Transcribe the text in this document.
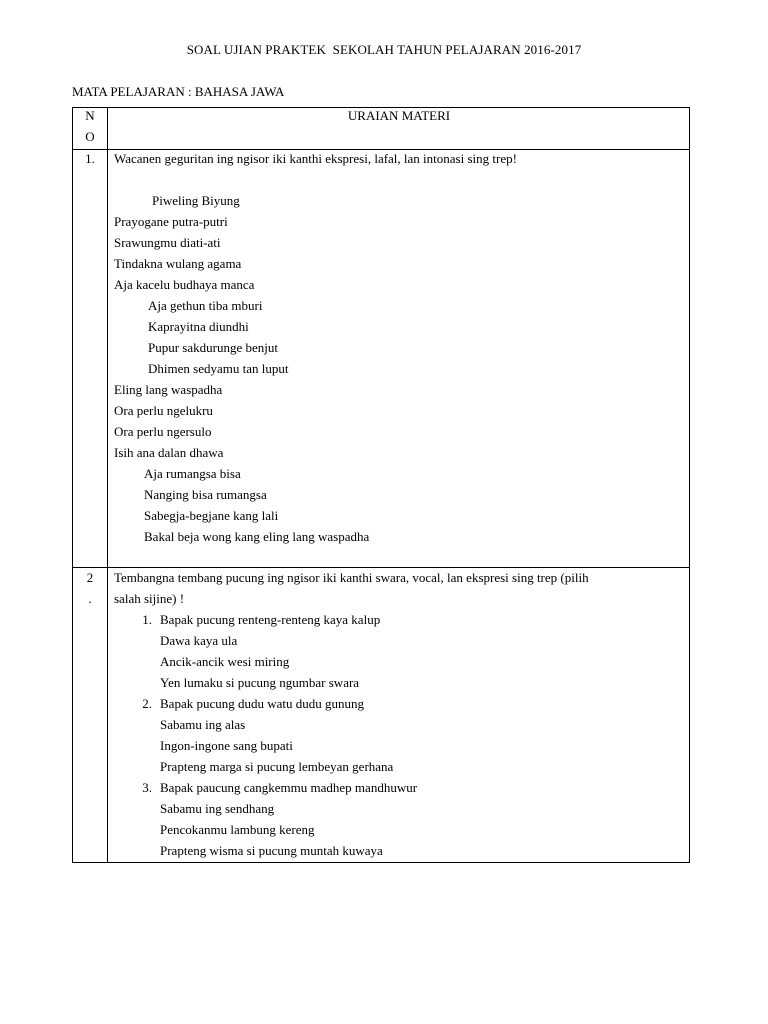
SOAL UJIAN PRAKTEK  SEKOLAH TAHUN PELAJARAN 2016-2017
MATA PELAJARAN : BAHASA JAWA
N
O
URAIAN MATERI
1.	Wacanen geguritan ing ngisor iki kanthi ekspresi, lafal, lan intonasi sing trep!
Piweling Biyung
Prayogane putra-putri
Srawungmu diati-ati
Tindakna wulang agama
Aja kacelu budhaya manca
Aja gethun tiba mburi
Kaprayitna diundhi
Pupur sakdurunge benjut
Dhimen sedyamu tan luput
Eling lang waspadha
Ora perlu ngelukru
Ora perlu ngersulo
Isih ana dalan dhawa
Aja rumangsa bisa
Nanging bisa rumangsa
Sabegja-begjane kang lali
Bakal beja wong kang eling lang waspadha
2
.
Tembangna tembang pucung ing ngisor iki kanthi swara, vocal, lan ekspresi sing trep (pilih
salah sijine) !
1. Bapak pucung renteng-renteng kaya kalup
Dawa kaya ula
Ancik-ancik wesi miring
Yen lumaku si pucung ngumbar swara
2. Bapak pucung dudu watu dudu gunung
Sabamu ing alas
Ingon-ingone sang bupati
Prapteng marga si pucung lembeyan gerhana
3. Bapak paucung cangkemmu madhep mandhuwur
Sabamu ing sendhang
Pencokanmu lambung kereng
Prapteng wisma si pucung muntah kuwaya
